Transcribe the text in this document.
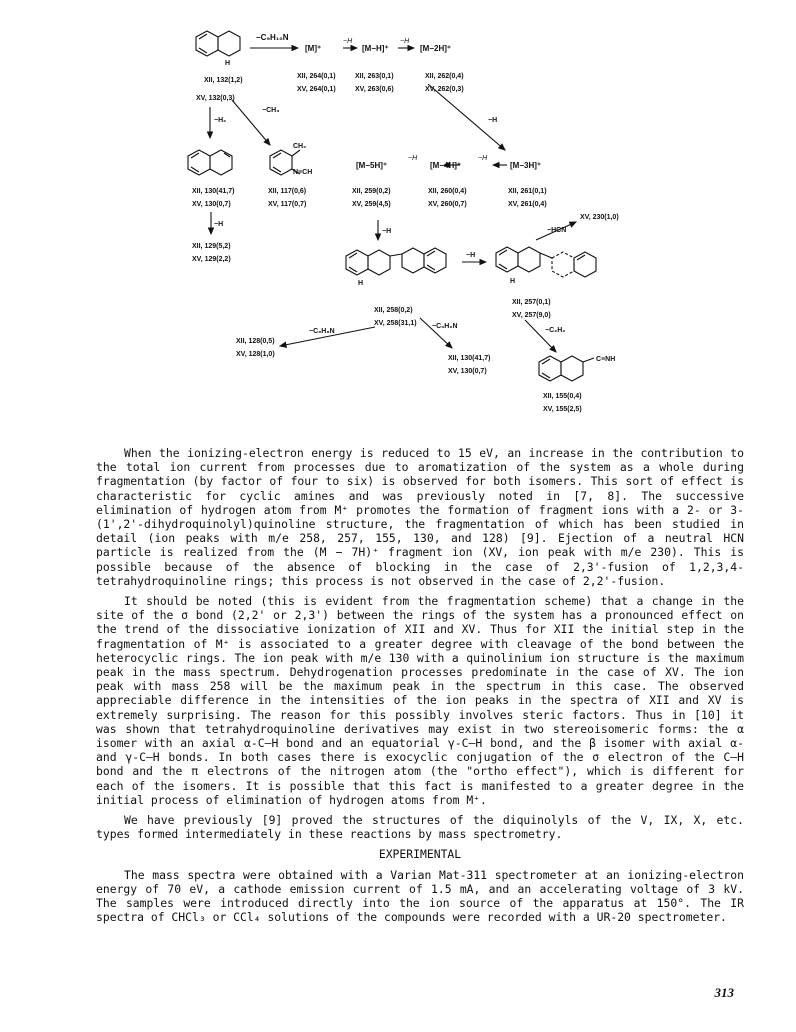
−C₉H₁₀N
[M]⁺
−H
[M−H]⁺
−H
[M−2H]⁺
H
−H₂
−CH₃
−H
CH₂
N≡CH
[M−5H]⁺
−H
[M−4H]⁺
−H
[M−3H]⁺
−H
−H
−H
−HCN
−C₉H₈N
−C₉H₆N
−C₂H₂
C≡NH
H	H
XII, 132(1,2)
XV, 132(0,3)
XII, 264(0,1)
XV, 264(0,1)
XII, 263(0,1)
XV, 263(0,6)
XII, 262(0,4)
XV, 262(0,3)
XII, 130(41,7)
XV, 130(0,7)
XII, 117(0,6)
XV, 117(0,7)
XII, 259(0,2)
XV, 259(4,5)
XII, 260(0,4)
XV, 260(0,7)
XII, 261(0,1)
XV, 261(0,4)
XII, 129(5,2)
XV, 129(2,2)
XV, 230(1,0)
XII, 257(0,1)
XV, 257(9,0)
XII, 258(0,2)
XV, 258(31,1)
XII, 128(0,5)
XV, 128(1,0)
XII, 130(41,7)
XV, 130(0,7)
XII, 155(0,4)
XV, 155(2,5)

When the ionizing-electron energy is reduced to 15 eV, an increase in the contribution to the total ion current from processes due to aromatization of the system as a whole during fragmentation (by factor of four to six) is observed for both isomers. This sort of effect is characteristic for cyclic amines and was previously noted in [7, 8]. The successive elimination of hydrogen atom from M⁺ promotes the formation of fragment ions with a 2- or 3-(1',2'-dihydroquinolyl)quinoline structure, the fragmentation of which has been studied in detail (ion peaks with m/e 258, 257, 155, 130, and 128) [9]. Ejection of a neutral HCN particle is realized from the (M − 7H)⁺ fragment ion (XV, ion peak with m/e 230). This is possible because of the absence of blocking in the case of 2,3'-fusion of 1,2,3,4-tetrahydroquinoline rings; this process is not observed in the case of 2,2'-fusion.

It should be noted (this is evident from the fragmentation scheme) that a change in the site of the σ bond (2,2' or 2,3') between the rings of the system has a pronounced effect on the trend of the dissociative ionization of XII and XV. Thus for XII the initial step in the fragmentation of M⁺ is associated to a greater degree with cleavage of the bond between the heterocyclic rings. The ion peak with m/e 130 with a quinolinium ion structure is the maximum peak in the mass spectrum. Dehydrogenation processes predominate in the case of XV. The ion peak with mass 258 will be the maximum peak in the spectrum in this case. The observed appreciable difference in the intensities of the ion peaks in the spectra of XII and XV is extremely surprising. The reason for this possibly involves steric factors. Thus in [10] it was shown that tetrahydroquinoline derivatives may exist in two stereoisomeric forms: the α isomer with an axial α-C–H bond and an equatorial γ-C–H bond, and the β isomer with axial α- and γ-C–H bonds. In both cases there is exocyclic conjugation of the σ electron of the C–H bond and the π electrons of the nitrogen atom (the "ortho effect"), which is different for each of the isomers. It is possible that this fact is manifested to a greater degree in the initial process of elimination of hydrogen atoms from M⁺.

We have previously [9] proved the structures of the diquinolyls of the V, IX, X, etc. types formed intermediately in these reactions by mass spectrometry.

EXPERIMENTAL

The mass spectra were obtained with a Varian Mat-311 spectrometer at an ionizing-electron energy of 70 eV, a cathode emission current of 1.5 mA, and an accelerating voltage of 3 kV. The samples were introduced directly into the ion source of the apparatus at 150°. The IR spectra of CHCl₃ or CCl₄ solutions of the compounds were recorded with a UR-20 spectrometer.

313
